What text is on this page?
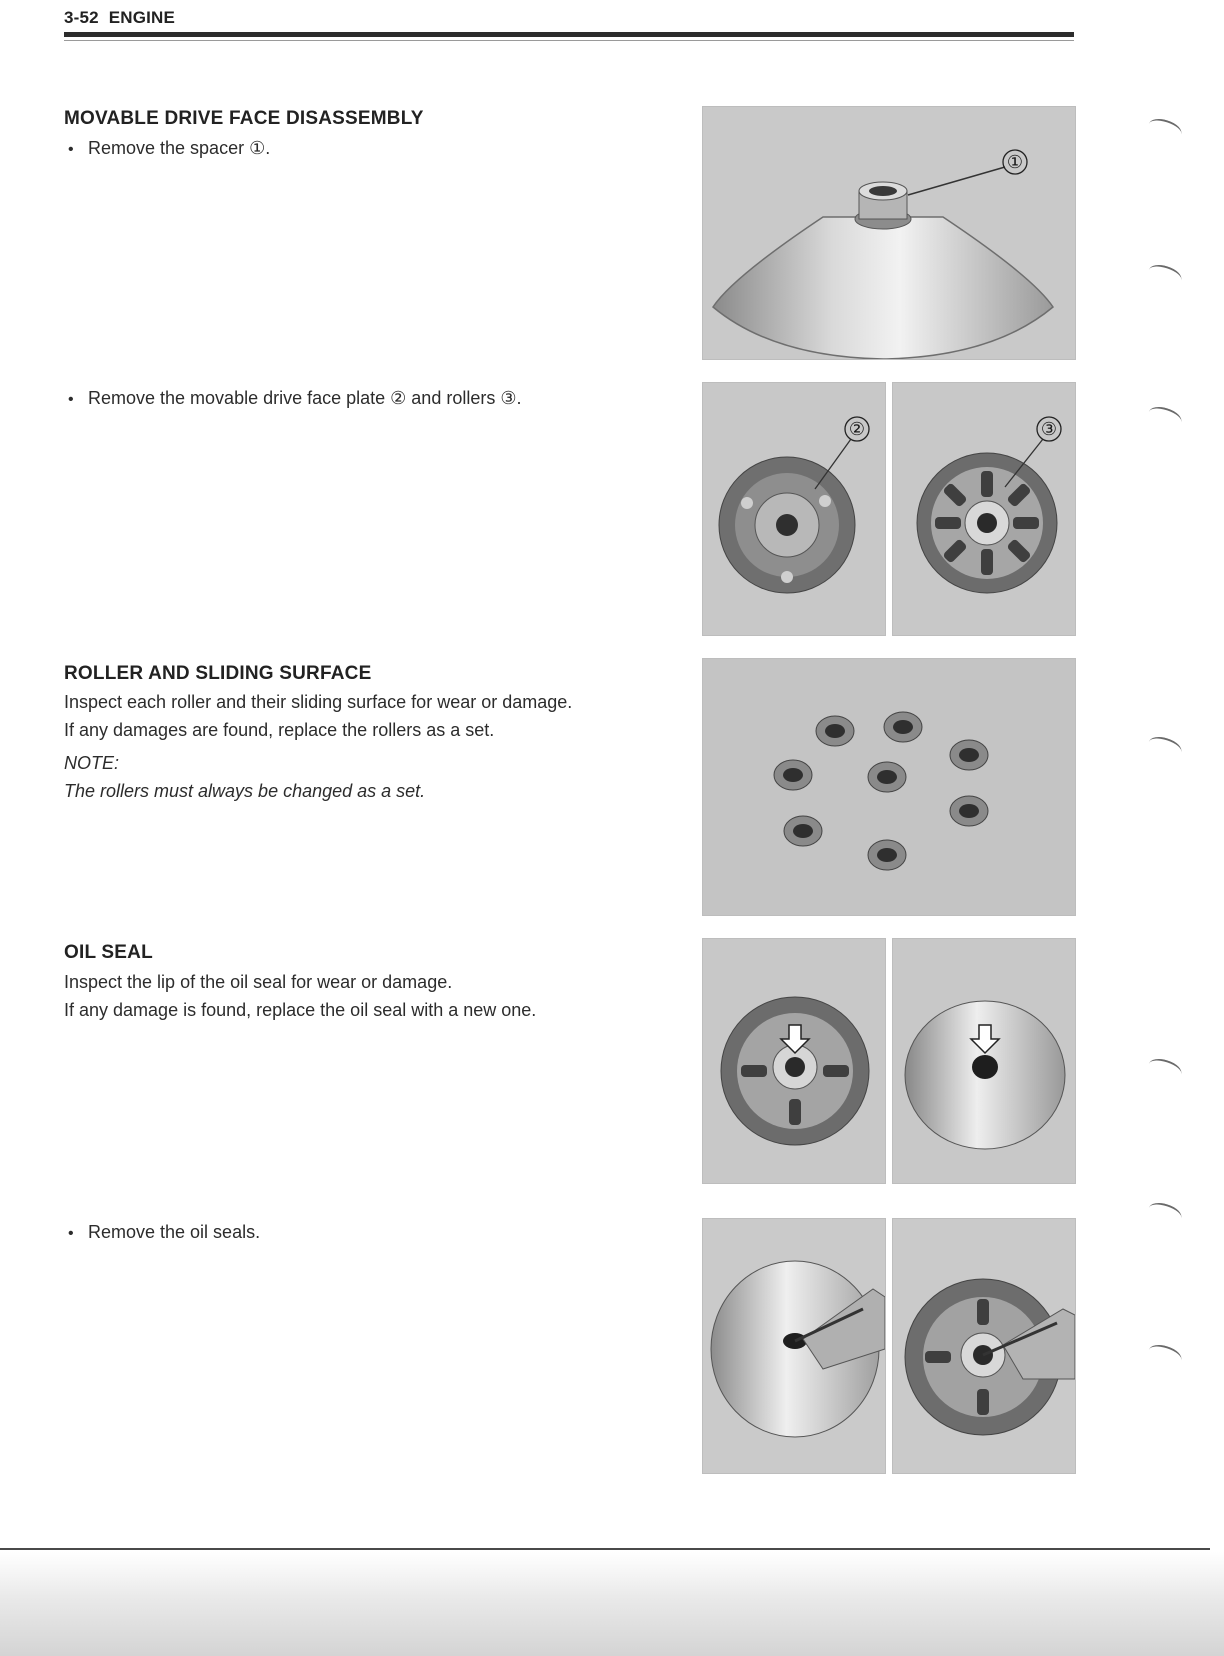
3-52 ENGINE
MOVABLE DRIVE FACE DISASSEMBLY
• Remove the spacer ①.
• Remove the movable drive face plate ② and rollers ③.
ROLLER AND SLIDING SURFACE
Inspect each roller and their sliding surface for wear or damage.
If any damages are found, replace the rollers as a set.
NOTE:
The rollers must always be changed as a set.
OIL SEAL
Inspect the lip of the oil seal for wear or damage.
If any damage is found, replace the oil seal with a new one.
• Remove the oil seals.
①
②	③
